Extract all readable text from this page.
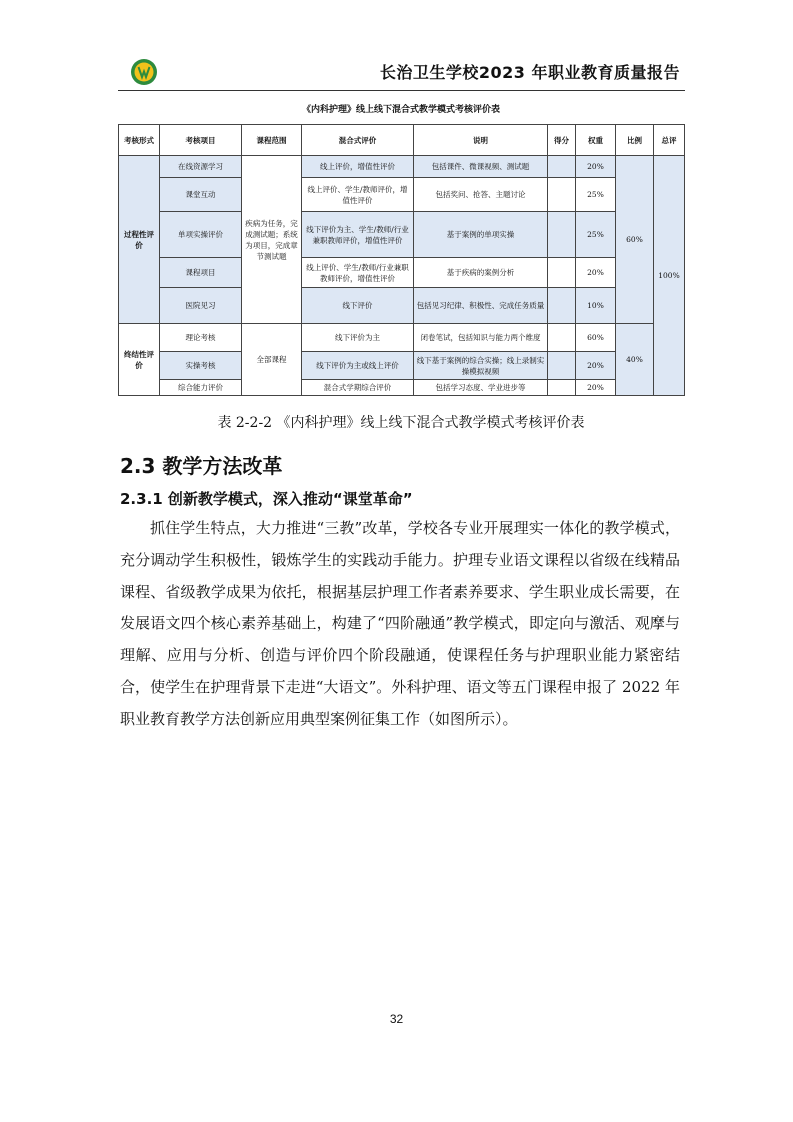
长治卫生学校2023 年职业教育质量报告
《内科护理》线上线下混合式教学模式考核评价表
考核形式	考核项目	课程范围	混合式评价	说明	得分	权重	比例	总评
过程性评价	在线资源学习	疾病为任务，完成测试题；系统为项目，完成章节测试题	线上评价，增值性评价	包括课件、微课视频、测试题		20%	60%	100%
	课堂互动		线上评价、学生/教师评价，增值性评价	包括奖问、抢答、主题讨论		25%		
	单项实操评价		线下评价为主、学生/教师/行业兼职教师评价，增值性评价	基于案例的单项实操		25%		
	课程项目		线上评价、学生/教师/行业兼职教师评价，增值性评价	基于疾病的案例分析		20%		
	医院见习		线下评价	包括见习纪律、积极性、完成任务质量		10%		
终结性评价	理论考核	全部课程	线下评价为主	闭卷笔试，包括知识与能力两个维度		60%	40%	
	实操考核		线下评价为主或线上评价	线下基于案例的综合实操；线上录制实操模拟视频		20%		
	综合能力评价		混合式学期综合评价	包括学习态度、学业进步等		20%		
表 2-2-2 《内科护理》线上线下混合式教学模式考核评价表
2.3 教学方法改革
2.3.1 创新教学模式，深入推动“课堂革命”
抓住学生特点，大力推进“三教”改革，学校各专业开展理实一体化的教学模式，充分调动学生积极性，锻炼学生的实践动手能力。护理专业语文课程以省级在线精品课程、省级教学成果为依托，根据基层护理工作者素养要求、学生职业成长需要，在发展语文四个核心素养基础上，构建了“四阶融通”教学模式，即定向与激活、观摩与理解、应用与分析、创造与评价四个阶段融通，使课程任务与护理职业能力紧密结合，使学生在护理背景下走进“大语文”。外科护理、语文等五门课程申报了 2022 年职业教育教学方法创新应用典型案例征集工作（如图所示）。
32
